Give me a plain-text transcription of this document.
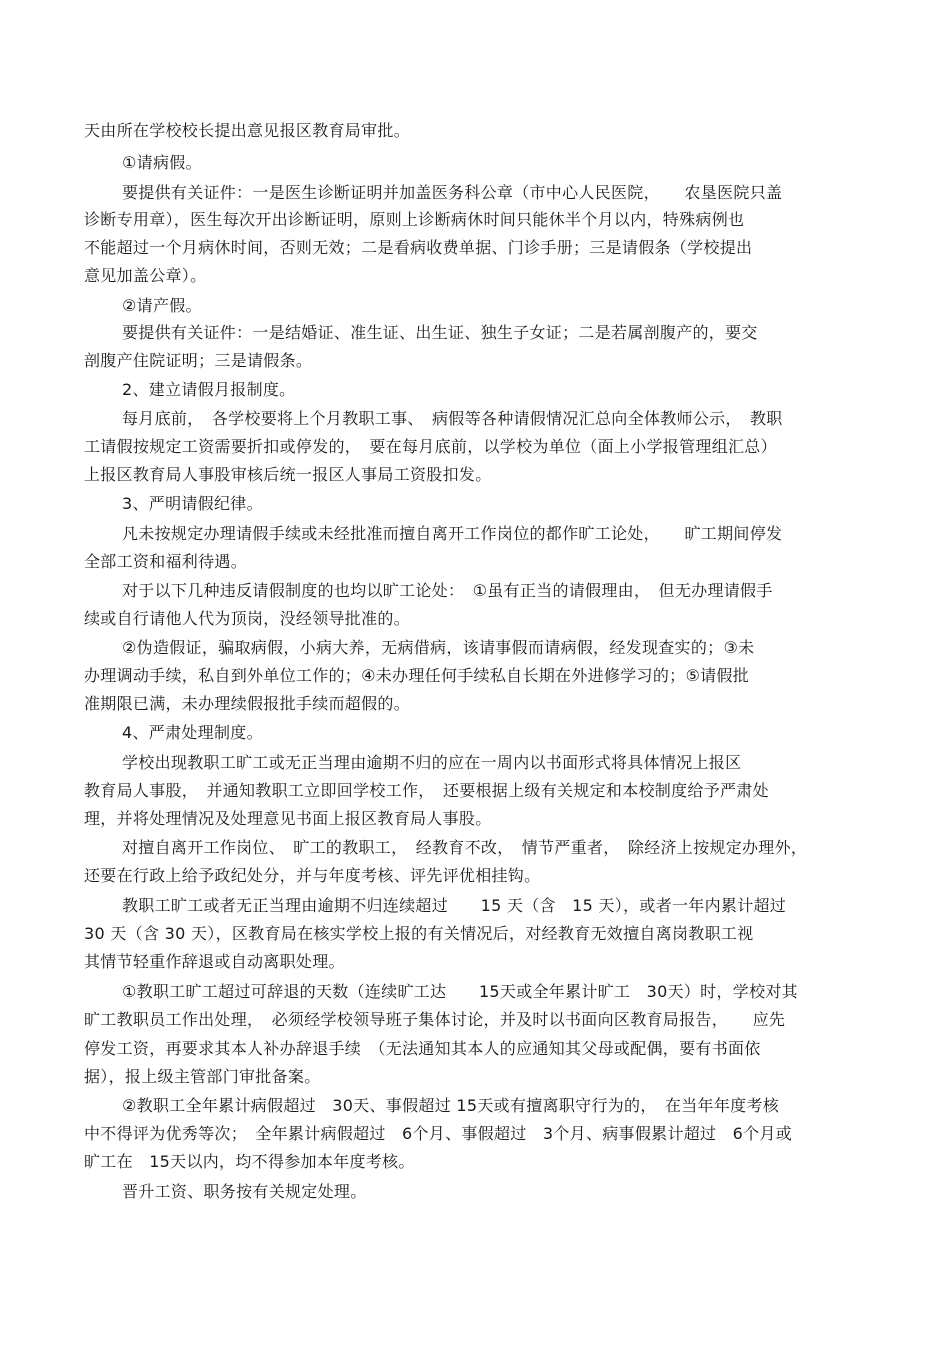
天由所在学校校长提出意见报区教育局审批。
①请病假。
要提供有关证件：一是医生诊断证明并加盖医务科公章（市中心人民医院，　　农垦医院只盖
诊断专用章），医生每次开出诊断证明，原则上诊断病休时间只能休半个月以内，特殊病例也
不能超过一个月病休时间，否则无效；二是看病收费单据、门诊手册；三是请假条（学校提出
意见加盖公章）。
②请产假。
要提供有关证件：一是结婚证、准生证、出生证、独生子女证；二是若属剖腹产的，要交
剖腹产住院证明；三是请假条。
2、建立请假月报制度。
每月底前，　各学校要将上个月教职工事、　病假等各种请假情况汇总向全体教师公示，　教职
工请假按规定工资需要折扣或停发的，　要在每月底前，以学校为单位（面上小学报管理组汇总）
上报区教育局人事股审核后统一报区人事局工资股扣发。
3、严明请假纪律。
凡未按规定办理请假手续或未经批准而擅自离开工作岗位的都作旷工论处，　　旷工期间停发
全部工资和福利待遇。
对于以下几种违反请假制度的也均以旷工论处：　①虽有正当的请假理由，　但无办理请假手
续或自行请他人代为顶岗，没经领导批准的。
②伪造假证，骗取病假，小病大养，无病借病，该请事假而请病假，经发现查实的；③未
办理调动手续，私自到外单位工作的；④未办理任何手续私自长期在外进修学习的；⑤请假批
准期限已满，未办理续假报批手续而超假的。
4、严肃处理制度。
学校出现教职工旷工或无正当理由逾期不归的应在一周内以书面形式将具体情况上报区
教育局人事股，　并通知教职工立即回学校工作，　还要根据上级有关规定和本校制度给予严肃处
理，并将处理情况及处理意见书面上报区教育局人事股。
对擅自离开工作岗位、　旷工的教职工，　经教育不改，　情节严重者，　除经济上按规定办理外，
还要在行政上给予政纪处分，并与年度考核、评先评优相挂钩。
教职工旷工或者无正当理由逾期不归连续超过　　15 天（含　15 天），或者一年内累计超过
30 天（含 30 天），区教育局在核实学校上报的有关情况后，对经教育无效擅自离岗教职工视
其情节轻重作辞退或自动离职处理。
①教职工旷工超过可辞退的天数（连续旷工达　　15天或全年累计旷工　30天）时，学校对其
旷工教职员工作出处理，　必须经学校领导班子集体讨论，并及时以书面向区教育局报告，　　应先
停发工资，再要求其本人补办辞退手续　（无法通知其本人的应通知其父母或配偶，要有书面依
据），报上级主管部门审批备案。
②教职工全年累计病假超过　30天、事假超过 15天或有擅离职守行为的，　在当年年度考核
中不得评为优秀等次；　全年累计病假超过　6个月、事假超过　3个月、病事假累计超过　6个月或
旷工在　15天以内，均不得参加本年度考核。
晋升工资、职务按有关规定处理。
